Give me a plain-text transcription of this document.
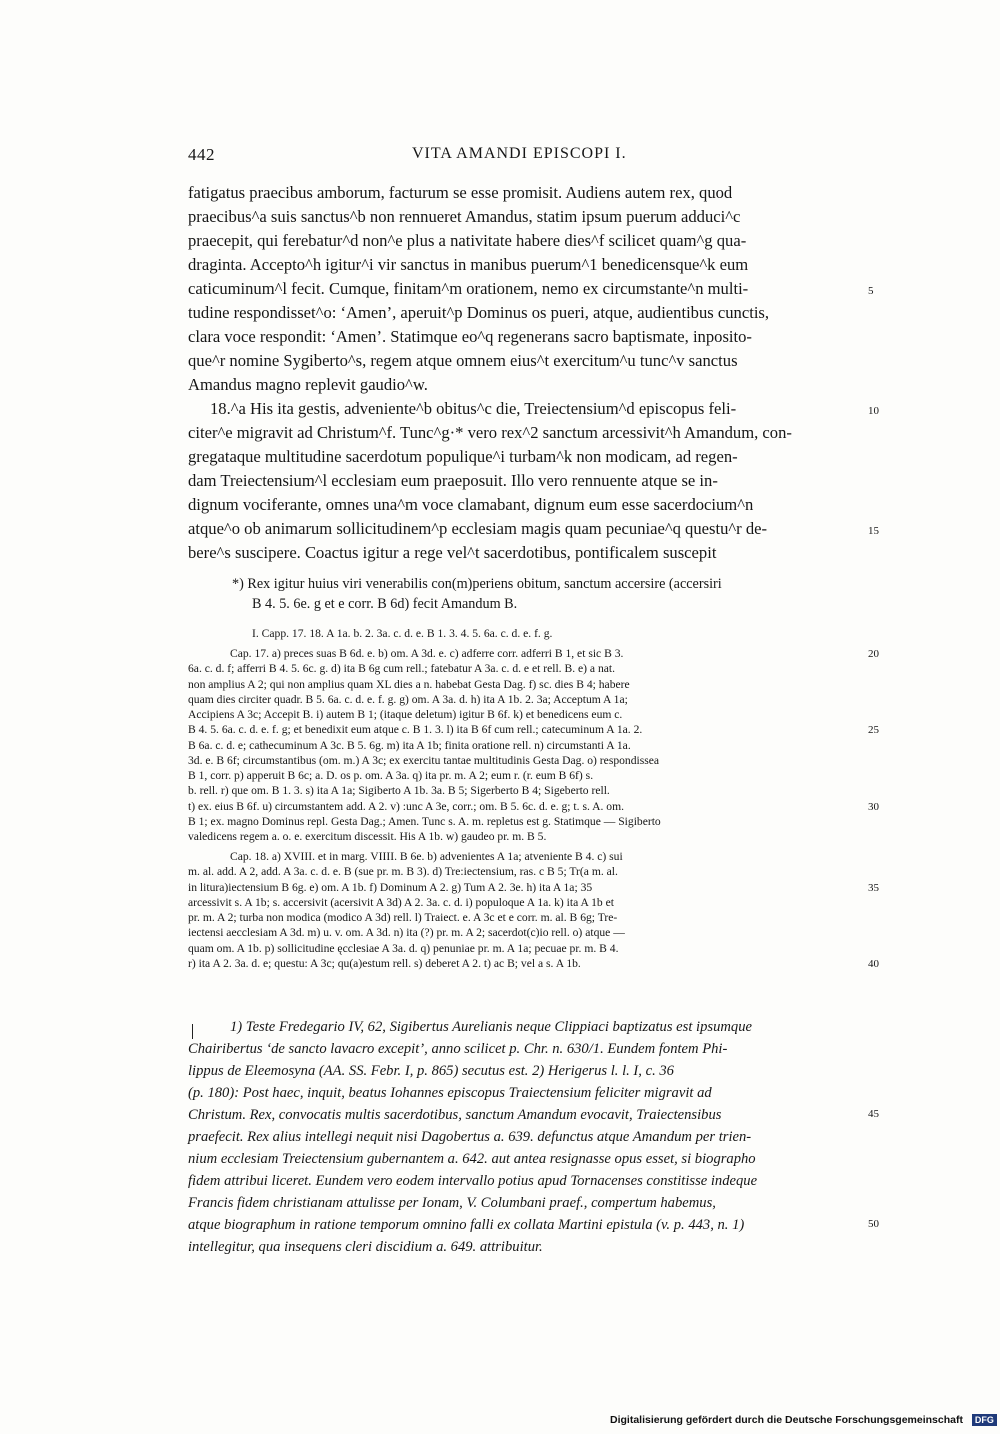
442	VITA AMANDI EPISCOPI I.
fatigatus praecibus amborum, facturum se esse promisit. Audiens autem rex, quod
praecibus^a suis sanctus^b non rennueret Amandus, statim ipsum puerum adduci^c
praecepit, qui ferebatur^d non^e plus a nativitate habere dies^f scilicet quam^g qua-
draginta. Accepto^h igitur^i vir sanctus in manibus puerum^1 benedicensque^k eum
caticuminum^l fecit. Cumque, finitam^m orationem, nemo ex circumstante^n multi-
tudine respondisset^o: ‘Amen’, aperuit^p Dominus os pueri, atque, audientibus cunctis,
clara voce respondit: ‘Amen’. Statimque eo^q regenerans sacro baptismate, inposito-
que^r nomine Sygiberto^s, regem atque omnem eius^t exercitum^u tunc^v sanctus
Amandus magno replevit gaudio^w.
18.^a His ita gestis, adveniente^b obitus^c die, Treiectensium^d episcopus feli-
citer^e migravit ad Christum^f. Tunc^g·* vero rex^2 sanctum arcessivit^h Amandum, con-
gregataque multitudine sacerdotum populique^i turbam^k non modicam, ad regen-
dam Treiectensium^l ecclesiam eum praeposuit. Illo vero rennuente atque se in-
dignum vociferante, omnes una^m voce clamabant, dignum eum esse sacerdocium^n
atque^o ob animarum sollicitudinem^p ecclesiam magis quam pecuniae^q questu^r de-
bere^s suscipere. Coactus igitur a rege vel^t sacerdotibus, pontificalem suscepit
5
10
15
*) Rex igitur huius viri venerabilis con(m)periens obitum, sanctum accersire (accersiri
B 4. 5. 6e. g et e corr. B 6d) fecit Amandum B.
I. Capp. 17. 18. A 1a. b. 2. 3a. c. d. e. B 1. 3. 4. 5. 6a. c. d. e. f. g.
Cap. 17. a) preces suas B 6d. e. b) om. A 3d. e. c) adferre corr. adferri B 1, et sic B 3.
6a. c. d. f; afferri B 4. 5. 6c. g. d) ita B 6g cum rell.; fatebatur A 3a. c. d. e et rell. B. e) a nat.
non amplius A 2; qui non amplius quam XL dies a n. habebat Gesta Dag. f) sc. dies B 4; habere
quam dies circiter quadr. B 5. 6a. c. d. e. f. g. g) om. A 3a. d. h) ita A 1b. 2. 3a; Acceptum A 1a;
Accipiens A 3c; Accepit B. i) autem B 1; (itaque deletum) igitur B 6f. k) et benedicens eum c.
B 4. 5. 6a. c. d. e. f. g; et benedixit eum atque c. B 1. 3. l) ita B 6f cum rell.; catecuminum A 1a. 2.
B 6a. c. d. e; cathecuminum A 3c. B 5. 6g. m) ita A 1b; finita oratione rell. n) circumstanti A 1a.
3d. e. B 6f; circumstantibus (om. m.) A 3c; ex exercitu tantae multitudinis Gesta Dag. o) respondissea
B 1, corr. p) apperuit B 6c; a. D. os p. om. A 3a. q) ita pr. m. A 2; eum r. (r. eum B 6f) s.
b. rell. r) que om. B 1. 3. s) ita A 1a; Sigiberto A 1b. 3a. B 5; Sigerberto B 4; Sigeberto rell.
t) ex. eius B 6f. u) circumstantem add. A 2. v) :unc A 3e, corr.; om. B 5. 6c. d. e. g; t. s. A. om.
B 1; ex. magno Dominus repl. Gesta Dag.; Amen. Tunc s. A. m. repletus est g. Statimque — Sigiberto
valedicens regem a. o. e. exercitum discessit. His A 1b. w) gaudeo pr. m. B 5.
Cap. 18. a) XVIII. et in marg. VIIII. B 6e. b) advenientes A 1a; atveniente B 4. c) sui
m. al. add. A 2, add. A 3a. c. d. e. B (sue pr. m. B 3). d) Tre:iectensium, ras. c B 5; Tr(a m. al.
in litura)iectensium B 6g. e) om. A 1b. f) Dominum A 2. g) Tum A 2. 3e. h) ita A 1a; 35
arcessivit s. A 1b; s. accersivit (acersivit A 3d) A 2. 3a. c. d. i) populoque A 1a. k) ita A 1b et
pr. m. A 2; turba non modica (modico A 3d) rell. l) Traiect. e. A 3c et e corr. m. al. B 6g; Tre-
iectensi aecclesiam A 3d. m) u. v. om. A 3d. n) ita (?) pr. m. A 2; sacerdot(c)io rell. o) atque —
quam om. A 1b. p) sollicitudine ęcclesiae A 3a. d. q) penuniae pr. m. A 1a; pecuae pr. m. B 4.
r) ita A 2. 3a. d. e; questu: A 3c; qu(a)estum rell. s) deberet A 2. t) ac B; vel a s. A 1b.
20
25
30
35
40
1) Teste Fredegario IV, 62, Sigibertus Aurelianis neque Clippiaci baptizatus est ipsumque
Chairibertus ‘de sancto lavacro excepit’, anno scilicet p. Chr. n. 630/1. Eundem fontem Phi-
lippus de Eleemosyna (AA. SS. Febr. I, p. 865) secutus est. 2) Herigerus l. l. I, c. 36
(p. 180): Post haec, inquit, beatus Iohannes episcopus Traiectensium feliciter migravit ad
Christum. Rex, convocatis multis sacerdotibus, sanctum Amandum evocavit, Traiectensibus
praefecit. Rex alius intellegi nequit nisi Dagobertus a. 639. defunctus atque Amandum per trien-
nium ecclesiam Treiectensium gubernantem a. 642. aut antea resignasse opus esset, si biographo
fidem attribui liceret. Eundem vero eodem intervallo potius apud Tornacenses constitisse indeque
Francis fidem christianam attulisse per Ionam, V. Columbani praef., compertum habemus,
atque biographum in ratione temporum omnino falli ex collata Martini epistula (v. p. 443, n. 1)
intellegitur, qua insequens cleri discidium a. 649. attribuitur.
45
50
Digitalisierung gefördert durch die Deutsche Forschungsgemeinschaft DFG
